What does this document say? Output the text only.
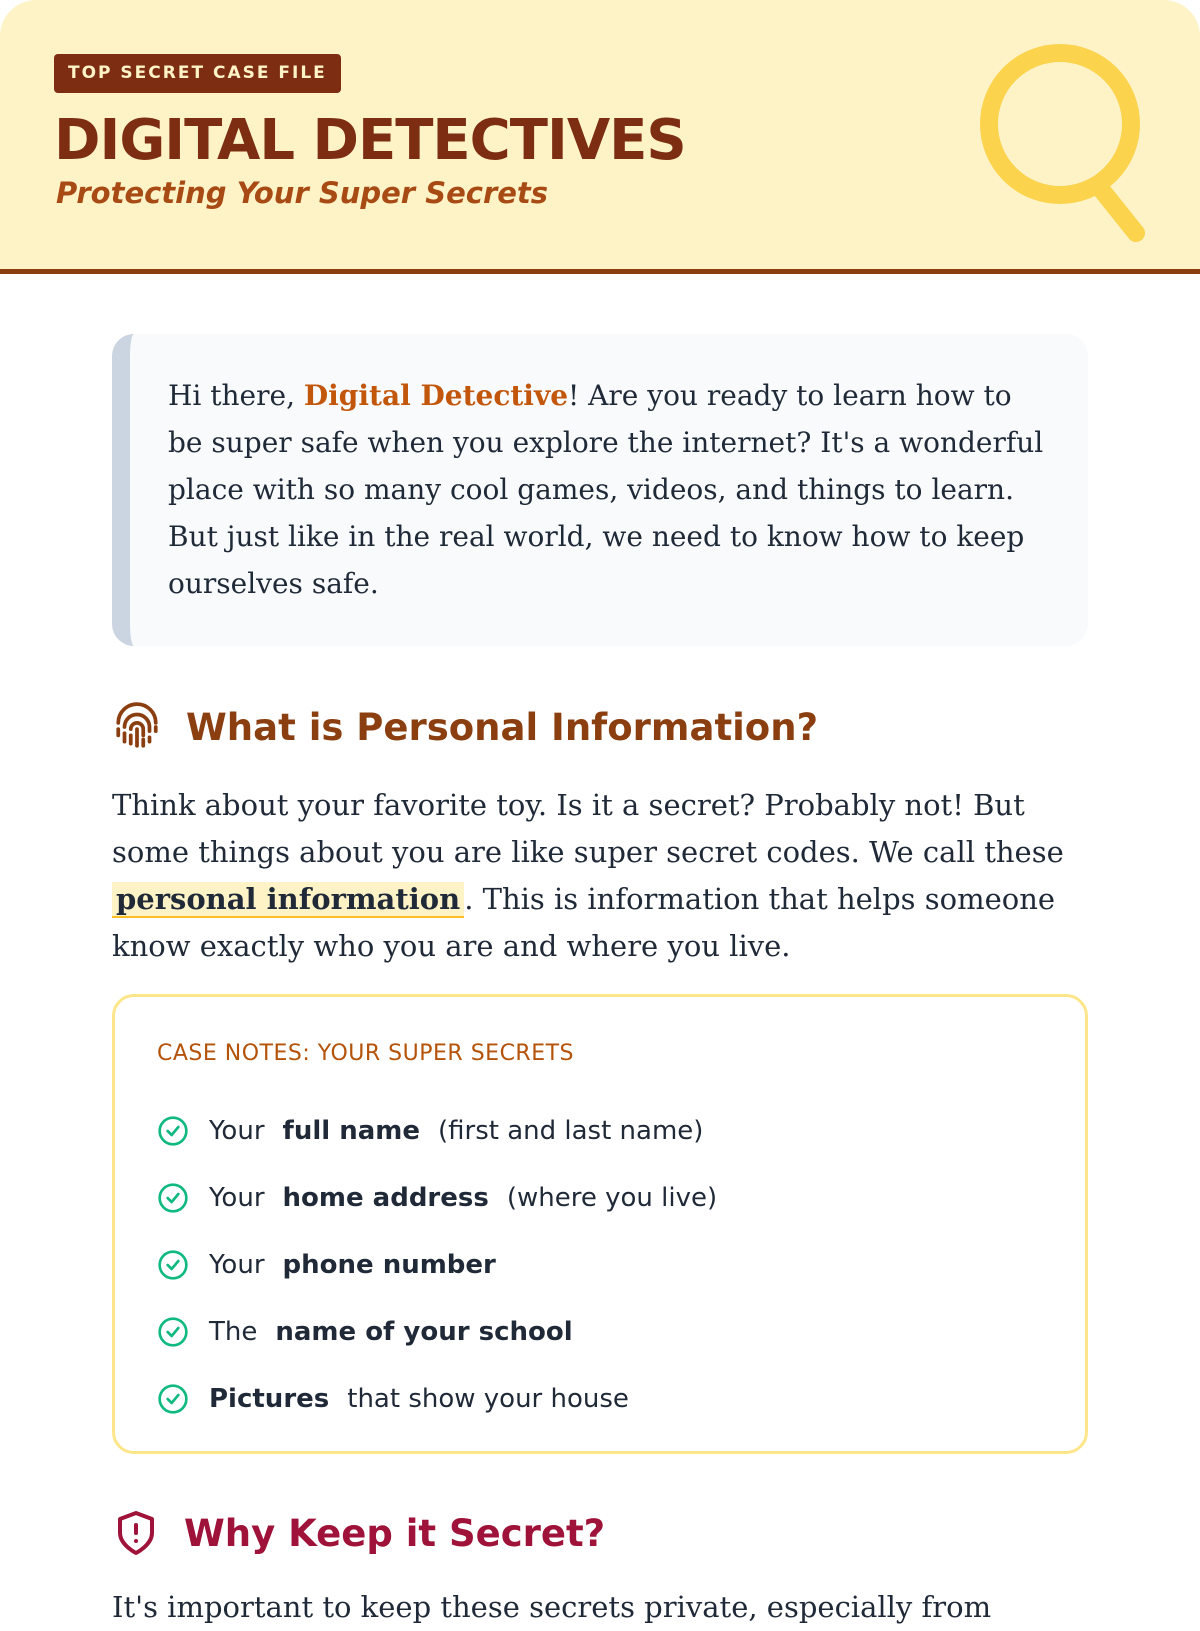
TOP SECRET CASE FILE
DIGITAL DETECTIVES
Protecting Your Super Secrets
Hi there, Digital Detective! Are you ready to learn how to be super safe when you explore the internet? It's a wonderful place with so many cool games, videos, and things to learn. But just like in the real world, we need to know how to keep ourselves safe.
What is Personal Information?

Think about your favorite toy. Is it a secret? Probably not! But some things about you are like super secret codes. We call these personal information . This is information that helps someone know exactly who you are and where you live.

CASE NOTES: YOUR SUPER SECRETS
Your full name (first and last name)
Your home address (where you live)
Your phone number
The name of your school
Pictures that show your house
Why Keep it Secret?

It's important to keep these secrets private, especially from
